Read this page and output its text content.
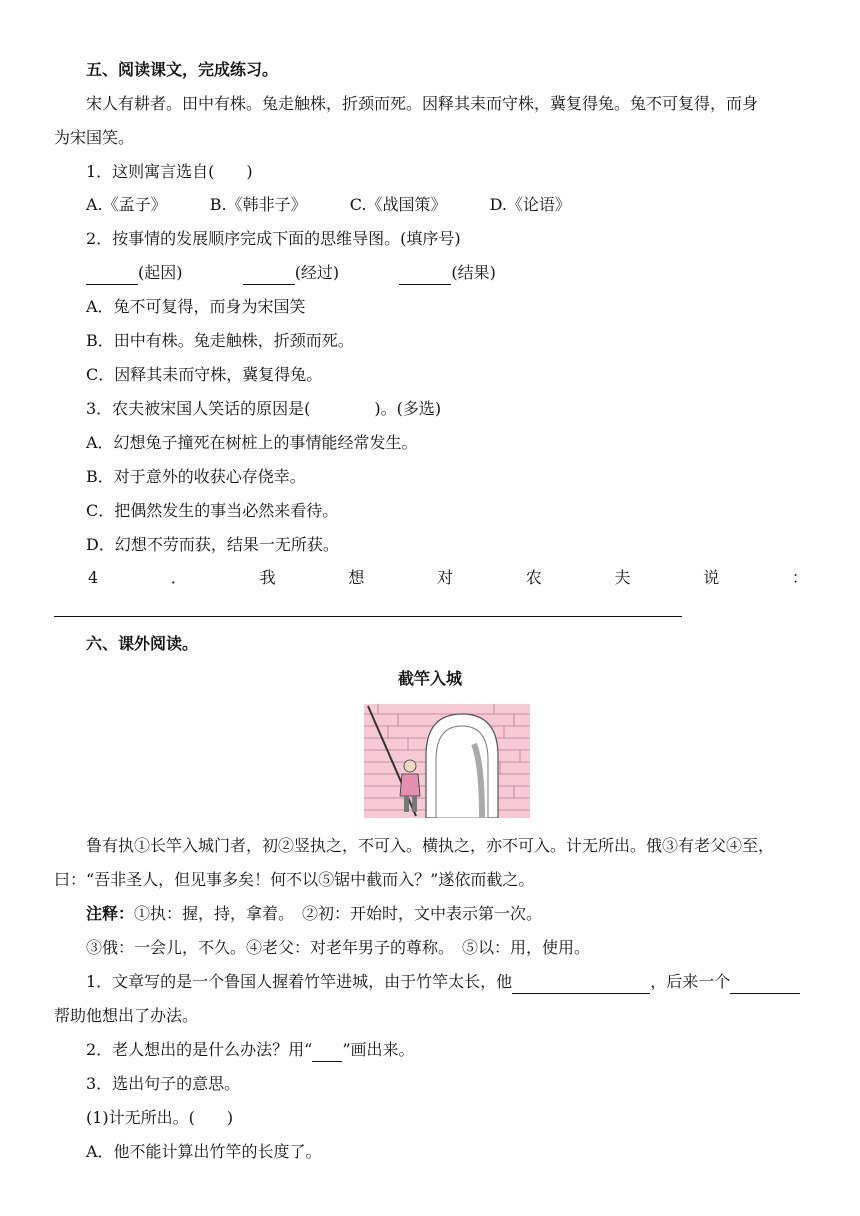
五、阅读课文，完成练习。
宋人有耕者。田中有株。兔走触株，折颈而死。因释其耒而守株，冀复得兔。兔不可复得，而身
为宋国笑。
1．这则寓言选自(　　)
A.《孟子》	B.《韩非子》	C.《战国策》	D.《论语》
2．按事情的发展顺序完成下面的思维导图。(填序号)
(起因)	(经过)	(结果)
A．兔不可复得，而身为宋国笑
B．田中有株。兔走触株，折颈而死。
C．因释其耒而守株，冀复得兔。
3．农夫被宋国人笑话的原因是(　　　　)。(多选)
A．幻想兔子撞死在树桩上的事情能经常发生。
B．对于意外的收获心存侥幸。
C．把偶然发生的事当必然来看待。
D．幻想不劳而获，结果一无所获。
4	．	我	想	对	农	夫	说	：
六、课外阅读。
截竿入城
鲁有执①长竿入城门者，初②竖执之，不可入。横执之，亦不可入。计无所出。俄③有老父④至，
曰：“吾非圣人，但见事多矣！何不以⑤锯中截而入？”遂依而截之。
注释：①执：握，持，拿着。　②初：开始时，文中表示第一次。
③俄：一会儿，不久。④老父：对老年男子的尊称。　⑤以：用，使用。
1．文章写的是一个鲁国人握着竹竿进城，由于竹竿太长，他	，后来一个
帮助他想出了办法。
2．老人想出的是什么办法？用“ ”画出来。
3．选出句子的意思。
(1)计无所出。(　　)
A．他不能计算出竹竿的长度了。
